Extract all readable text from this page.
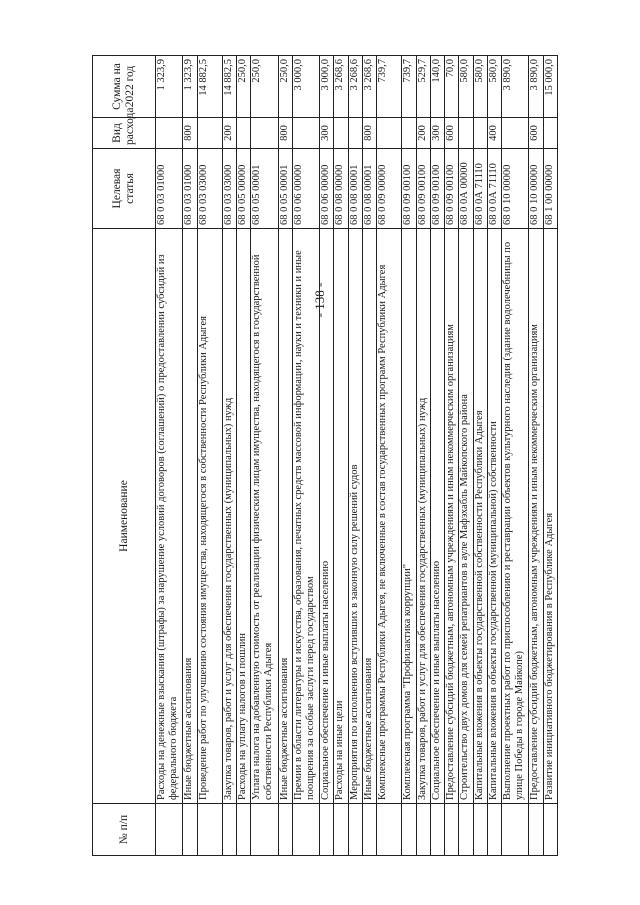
- 138 -
№ п/п	Наименование	Целевая статья	Вид расхода	Сумма на 2022 год
	Расходы на денежные взыскания (штрафы) за нарушение условий договоров (соглашений) о предоставлении субсидий из федерального бюджета	68 0 03 01000		1 323,9
	Иные бюджетные ассигнования	68 0 03 01000	800	1 323,9
	Проведение работ по улучшению состояния имущества, находящегося в собственности Республики Адыгея	68 0 03 03000		14 882,5
	Закупка товаров, работ и услуг для обеспечения государственных (муниципальных) нужд	68 0 03 03000	200	14 882,5
	Расходы на уплату налогов и пошлин	68 0 05 00000		250,0
	Уплата налога на добавленную стоимость от реализации физическим лицам имущества, находящегося в государственной собственности Республики Адыгея	68 0 05 00001		250,0
	Иные бюджетные ассигнования	68 0 05 00001	800	250,0
	Премии в области литературы и искусства, образования, печатных средств массовой информации, науки и техники и иные поощрения за особые заслуги перед государством	68 0 06 00000		3 000,0
	Социальное обеспечение и иные выплаты населению	68 0 06 00000	300	3 000,0
	Расходы на иные цели	68 0 08 00000		3 268,6
	Мероприятия по исполнению вступивших в законную силу решений судов	68 0 08 00001		3 268,6
	Иные бюджетные ассигнования	68 0 08 00001	800	3 268,6
	Комплексные программы Республики Адыгея, не включенные в состав государственных программ Республики Адыгея	68 0 09 00000		739,7
	Комплексная программа "Профилактика коррупции"	68 0 09 00100		739,7
	Закупка товаров, работ и услуг для обеспечения государственных (муниципальных) нужд	68 0 09 00100	200	529,7
	Социальное обеспечение и иные выплаты населению	68 0 09 00100	300	140,0
	Предоставление субсидий бюджетным, автономным учреждениям и иным некоммерческим организациям	68 0 09 00100	600	70,0
	Строительство двух домов для семей репатриантов в ауле Мафэхабль Майкопского района	68 0 0А 00000		580,0
	Капитальные вложения в объекты государственной собственности Республики Адыгея	68 0 0А 71110		580,0
	Капитальные вложения в объекты государственной (муниципальной) собственности	68 0 0А 71110	400	580,0
	Выполнение проектных работ по приспособлению и реставрации объектов культурного наследия (здание водолечебницы по улице Победы в городе Майкопе)	68 0 10 00000		3 890,0
	Предоставление субсидий бюджетным, автономным учреждениям и иным некоммерческим организациям	68 0 10 00000	600	3 890,0
	Развитие инициативного бюджетирования в Республике Адыгея	68 1 00 00000		15 000,0
